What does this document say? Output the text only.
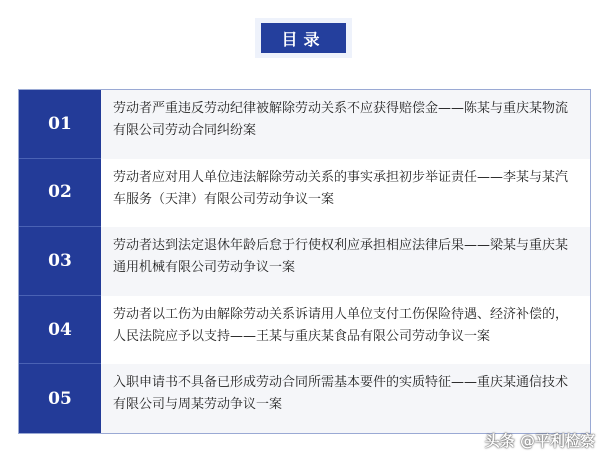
目录
01
劳动者严重违反劳动纪律被解除劳动关系不应获得赔偿金——陈某与重庆某物流有限公司劳动合同纠纷案
02
劳动者应对用人单位违法解除劳动关系的事实承担初步举证责任——李某与某汽车服务（天津）有限公司劳动争议一案
03
劳动者达到法定退休年龄后怠于行使权利应承担相应法律后果——梁某与重庆某通用机械有限公司劳动争议一案
04
劳动者以工伤为由解除劳动关系诉请用人单位支付工伤保险待遇、经济补偿的，人民法院应予以支持——王某与重庆某食品有限公司劳动争议一案
05
入职申请书不具备已形成劳动合同所需基本要件的实质特征——重庆某通信技术有限公司与周某劳动争议一案
头条 @平利检察
